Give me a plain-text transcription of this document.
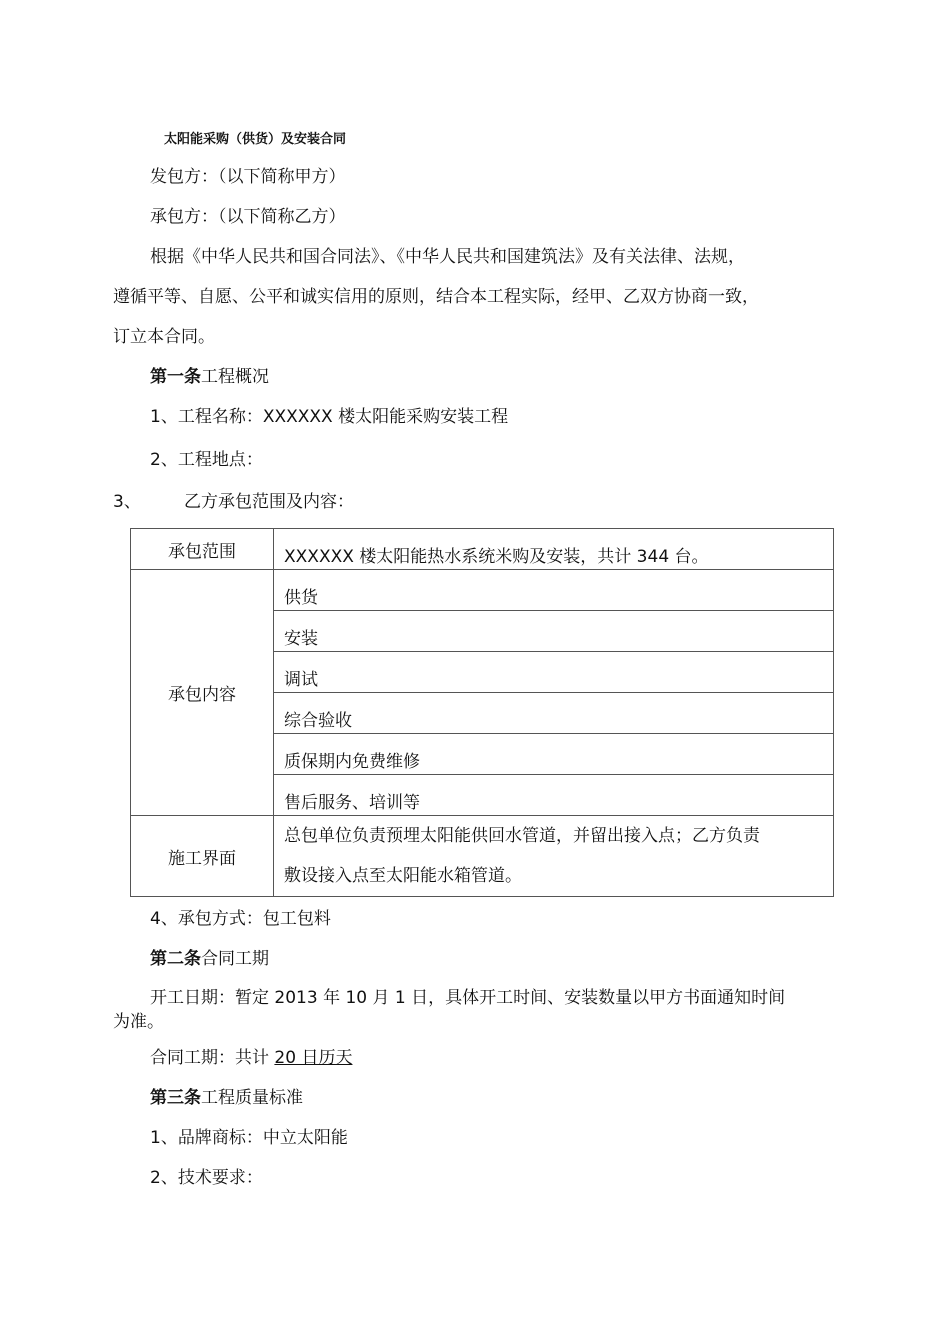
太阳能采购（供货）及安装合同
发包方：（以下简称甲方）
承包方：（以下简称乙方）
根据《中华人民共和国合同法》、《中华人民共和国建筑法》及有关法律、法规，
遵循平等、自愿、公平和诚实信用的原则，结合本工程实际，经甲、乙双方协商一致，
订立本合同。
第一条工程概况
1、工程名称：XXXXXX 楼太阳能采购安装工程
2、工程地点：
3、	乙方承包范围及内容：
承包范围	XXXXXX 楼太阳能热水系统米购及安装，共计 344 台。
承包内容	供货
	安装
	调试
	综合验收
	质保期内免费维修
	售后服务、培训等
施工界面	总包单位负责预埋太阳能供回水管道，并留出接入点；乙方负责
敷设接入点至太阳能水箱管道。
4、承包方式：包工包料
第二条合同工期
开工日期：暂定 2013 年 10 月 1 日，具体开工时间、安装数量以甲方书面通知时间
为准。
合同工期：共计 20 日历天
第三条工程质量标准
1、品牌商标：中立太阳能
2、技术要求：
